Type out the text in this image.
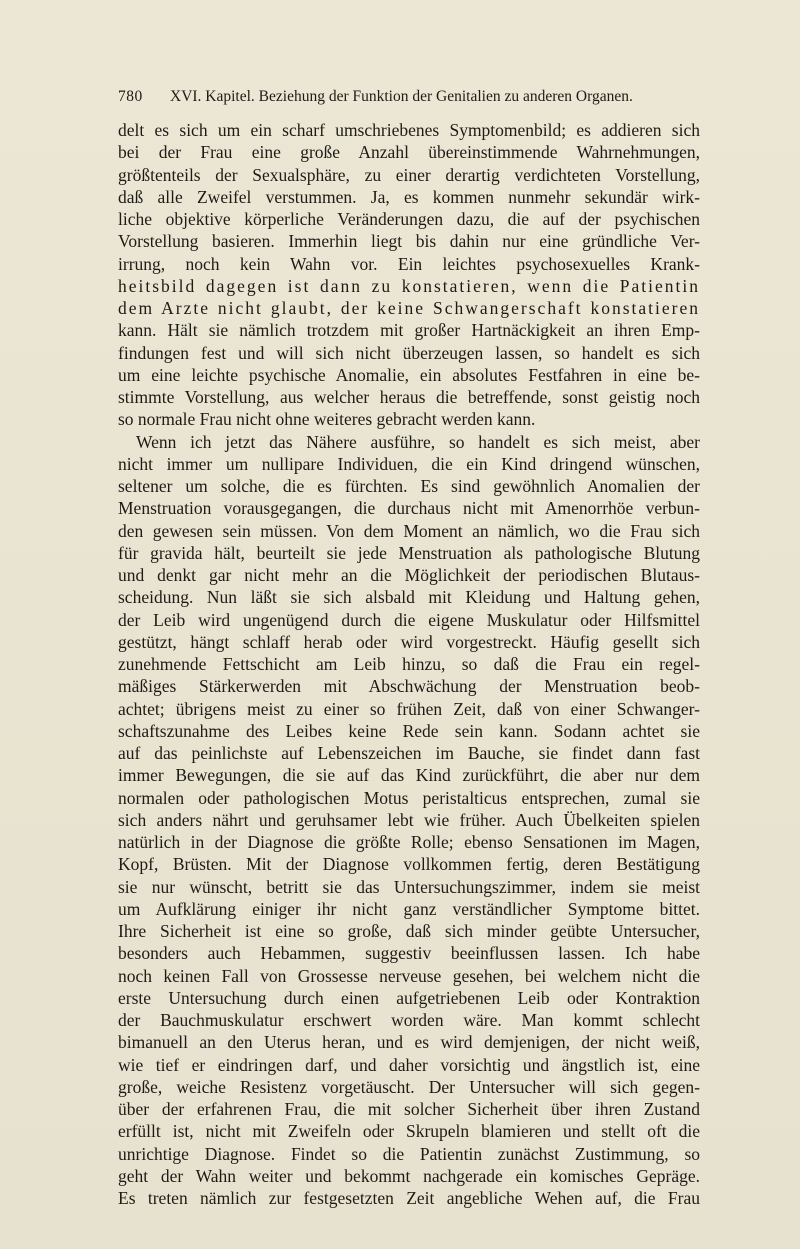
780 XVI. Kapitel. Beziehung der Funktion der Genitalien zu anderen Organen.
delt es sich um ein scharf umschriebenes Symptomenbild; es addieren sich
bei der Frau eine große Anzahl übereinstimmende Wahrnehmungen,
größtenteils der Sexualsphäre, zu einer derartig verdichteten Vorstellung,
daß alle Zweifel verstummen. Ja, es kommen nunmehr sekundär wirk-
liche objektive körperliche Veränderungen dazu, die auf der psychischen
Vorstellung basieren. Immerhin liegt bis dahin nur eine gründliche Ver-
irrung, noch kein Wahn vor. Ein leichtes psychosexuelles Krank-
heitsbild dagegen ist dann zu konstatieren, wenn die Patientin
dem Arzte nicht glaubt, der keine Schwangerschaft konstatieren
kann. Hält sie nämlich trotzdem mit großer Hartnäckigkeit an ihren Emp-
findungen fest und will sich nicht überzeugen lassen, so handelt es sich
um eine leichte psychische Anomalie, ein absolutes Festfahren in eine be-
stimmte Vorstellung, aus welcher heraus die betreffende, sonst geistig noch
so normale Frau nicht ohne weiteres gebracht werden kann.
Wenn ich jetzt das Nähere ausführe, so handelt es sich meist, aber
nicht immer um nullipare Individuen, die ein Kind dringend wünschen,
seltener um solche, die es fürchten. Es sind gewöhnlich Anomalien der
Menstruation vorausgegangen, die durchaus nicht mit Amenorrhöe verbun-
den gewesen sein müssen. Von dem Moment an nämlich, wo die Frau sich
für gravida hält, beurteilt sie jede Menstruation als pathologische Blutung
und denkt gar nicht mehr an die Möglichkeit der periodischen Blutaus-
scheidung. Nun läßt sie sich alsbald mit Kleidung und Haltung gehen,
der Leib wird ungenügend durch die eigene Muskulatur oder Hilfsmittel
gestützt, hängt schlaff herab oder wird vorgestreckt. Häufig gesellt sich
zunehmende Fettschicht am Leib hinzu, so daß die Frau ein regel-
mäßiges Stärkerwerden mit Abschwächung der Menstruation beob-
achtet; übrigens meist zu einer so frühen Zeit, daß von einer Schwanger-
schaftszunahme des Leibes keine Rede sein kann. Sodann achtet sie
auf das peinlichste auf Lebenszeichen im Bauche, sie findet dann fast
immer Bewegungen, die sie auf das Kind zurückführt, die aber nur dem
normalen oder pathologischen Motus peristalticus entsprechen, zumal sie
sich anders nährt und geruhsamer lebt wie früher. Auch Übelkeiten spielen
natürlich in der Diagnose die größte Rolle; ebenso Sensationen im Magen,
Kopf, Brüsten. Mit der Diagnose vollkommen fertig, deren Bestätigung
sie nur wünscht, betritt sie das Untersuchungszimmer, indem sie meist
um Aufklärung einiger ihr nicht ganz verständlicher Symptome bittet.
Ihre Sicherheit ist eine so große, daß sich minder geübte Untersucher,
besonders auch Hebammen, suggestiv beeinflussen lassen. Ich habe
noch keinen Fall von Grossesse nerveuse gesehen, bei welchem nicht die
erste Untersuchung durch einen aufgetriebenen Leib oder Kontraktion
der Bauchmuskulatur erschwert worden wäre. Man kommt schlecht
bimanuell an den Uterus heran, und es wird demjenigen, der nicht weiß,
wie tief er eindringen darf, und daher vorsichtig und ängstlich ist, eine
große, weiche Resistenz vorgetäuscht. Der Untersucher will sich gegen-
über der erfahrenen Frau, die mit solcher Sicherheit über ihren Zustand
erfüllt ist, nicht mit Zweifeln oder Skrupeln blamieren und stellt oft die
unrichtige Diagnose. Findet so die Patientin zunächst Zustimmung, so
geht der Wahn weiter und bekommt nachgerade ein komisches Gepräge.
Es treten nämlich zur festgesetzten Zeit angebliche Wehen auf, die Frau
